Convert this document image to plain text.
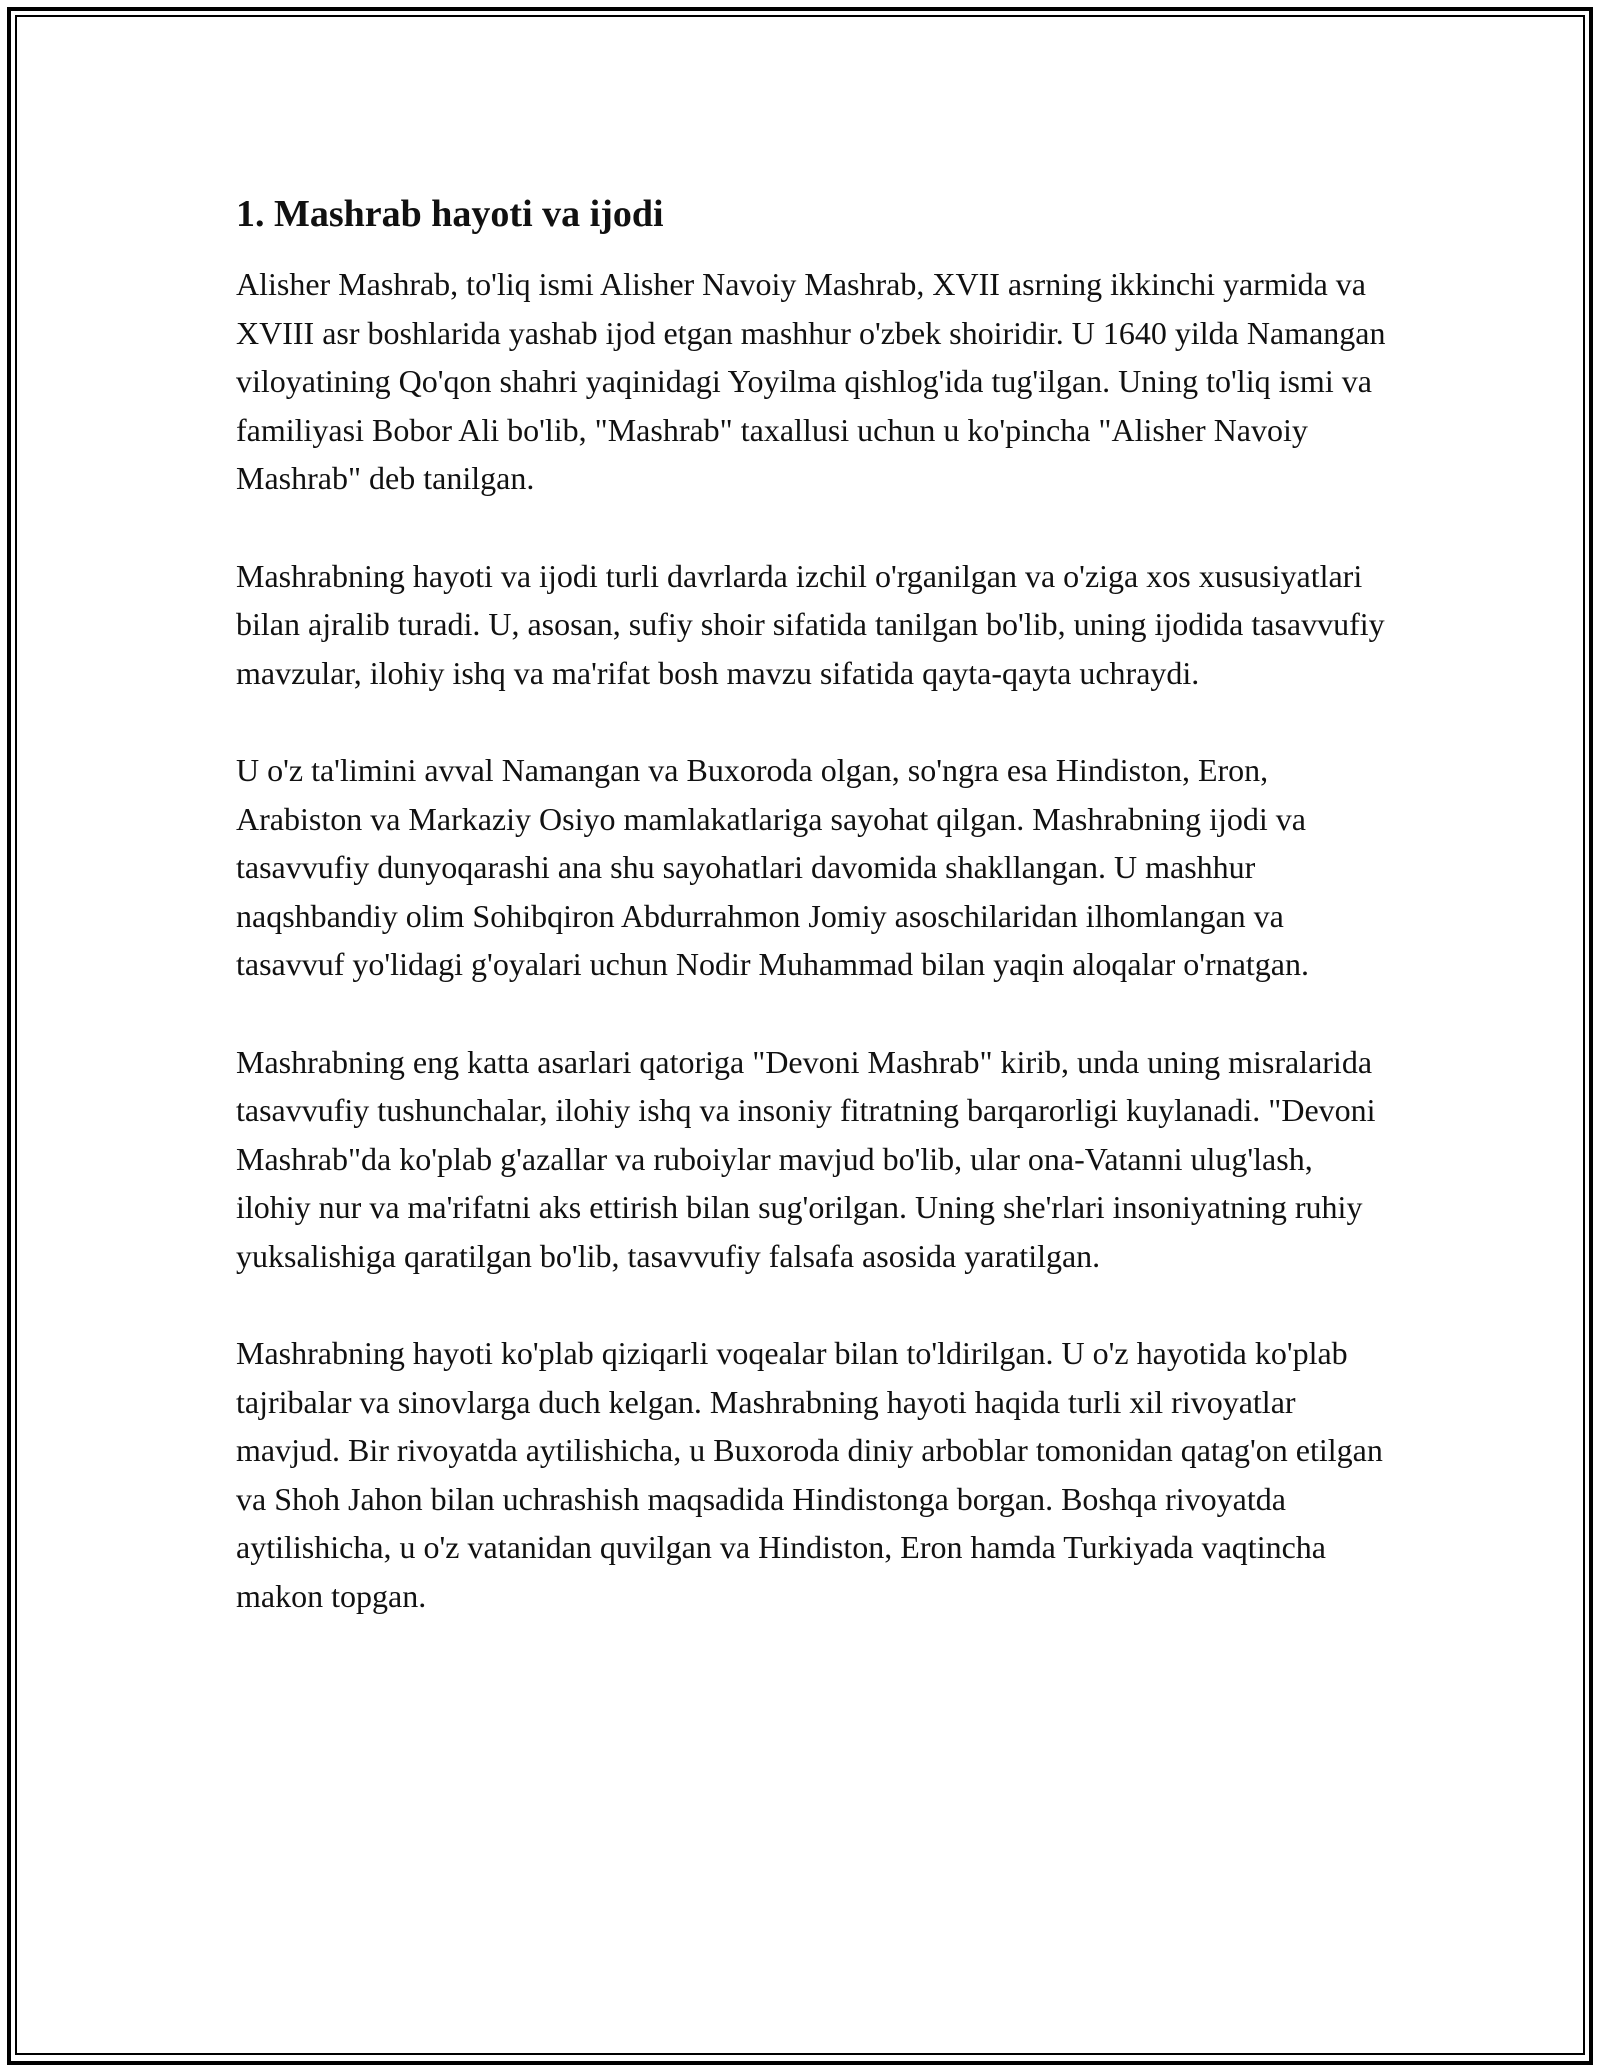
1. Mashrab hayoti va ijodi

Alisher Mashrab, to'liq ismi Alisher Navoiy Mashrab, XVII asrning ikkinchi yarmida va XVIII asr boshlarida yashab ijod etgan mashhur o'zbek shoiridir. U 1640 yilda Namangan viloyatining Qo'qon shahri yaqinidagi Yoyilma qishlog'ida tug'ilgan. Uning to'liq ismi va familiyasi Bobor Ali bo'lib, "Mashrab" taxallusi uchun u ko'pincha "Alisher Navoiy Mashrab" deb tanilgan.

Mashrabning hayoti va ijodi turli davrlarda izchil o'rganilgan va o'ziga xos xususiyatlari bilan ajralib turadi. U, asosan, sufiy shoir sifatida tanilgan bo'lib, uning ijodida tasavvufiy mavzular, ilohiy ishq va ma'rifat bosh mavzu sifatida qayta-qayta uchraydi.

U o'z ta'limini avval Namangan va Buxoroda olgan, so'ngra esa Hindiston, Eron, Arabiston va Markaziy Osiyo mamlakatlariga sayohat qilgan. Mashrabning ijodi va tasavvufiy dunyoqarashi ana shu sayohatlari davomida shakllangan. U mashhur naqshbandiy olim Sohibqiron Abdurrahmon Jomiy asoschilaridan ilhomlangan va tasavvuf yo'lidagi g'oyalari uchun Nodir Muhammad bilan yaqin aloqalar o'rnatgan.

Mashrabning eng katta asarlari qatoriga "Devoni Mashrab" kirib, unda uning misralarida tasavvufiy tushunchalar, ilohiy ishq va insoniy fitratning barqarorligi kuylanadi. "Devoni Mashrab"da ko'plab g'azallar va ruboiylar mavjud bo'lib, ular ona-Vatanni ulug'lash, ilohiy nur va ma'rifatni aks ettirish bilan sug'orilgan. Uning she'rlari insoniyatning ruhiy yuksalishiga qaratilgan bo'lib, tasavvufiy falsafa asosida yaratilgan.

Mashrabning hayoti ko'plab qiziqarli voqealar bilan to'ldirilgan. U o'z hayotida ko'plab tajribalar va sinovlarga duch kelgan. Mashrabning hayoti haqida turli xil rivoyatlar mavjud. Bir rivoyatda aytilishicha, u Buxoroda diniy arboblar tomonidan qatag'on etilgan va Shoh Jahon bilan uchrashish maqsadida Hindistonga borgan. Boshqa rivoyatda aytilishicha, u o'z vatanidan quvilgan va Hindiston, Eron hamda Turkiyada vaqtincha makon topgan.
